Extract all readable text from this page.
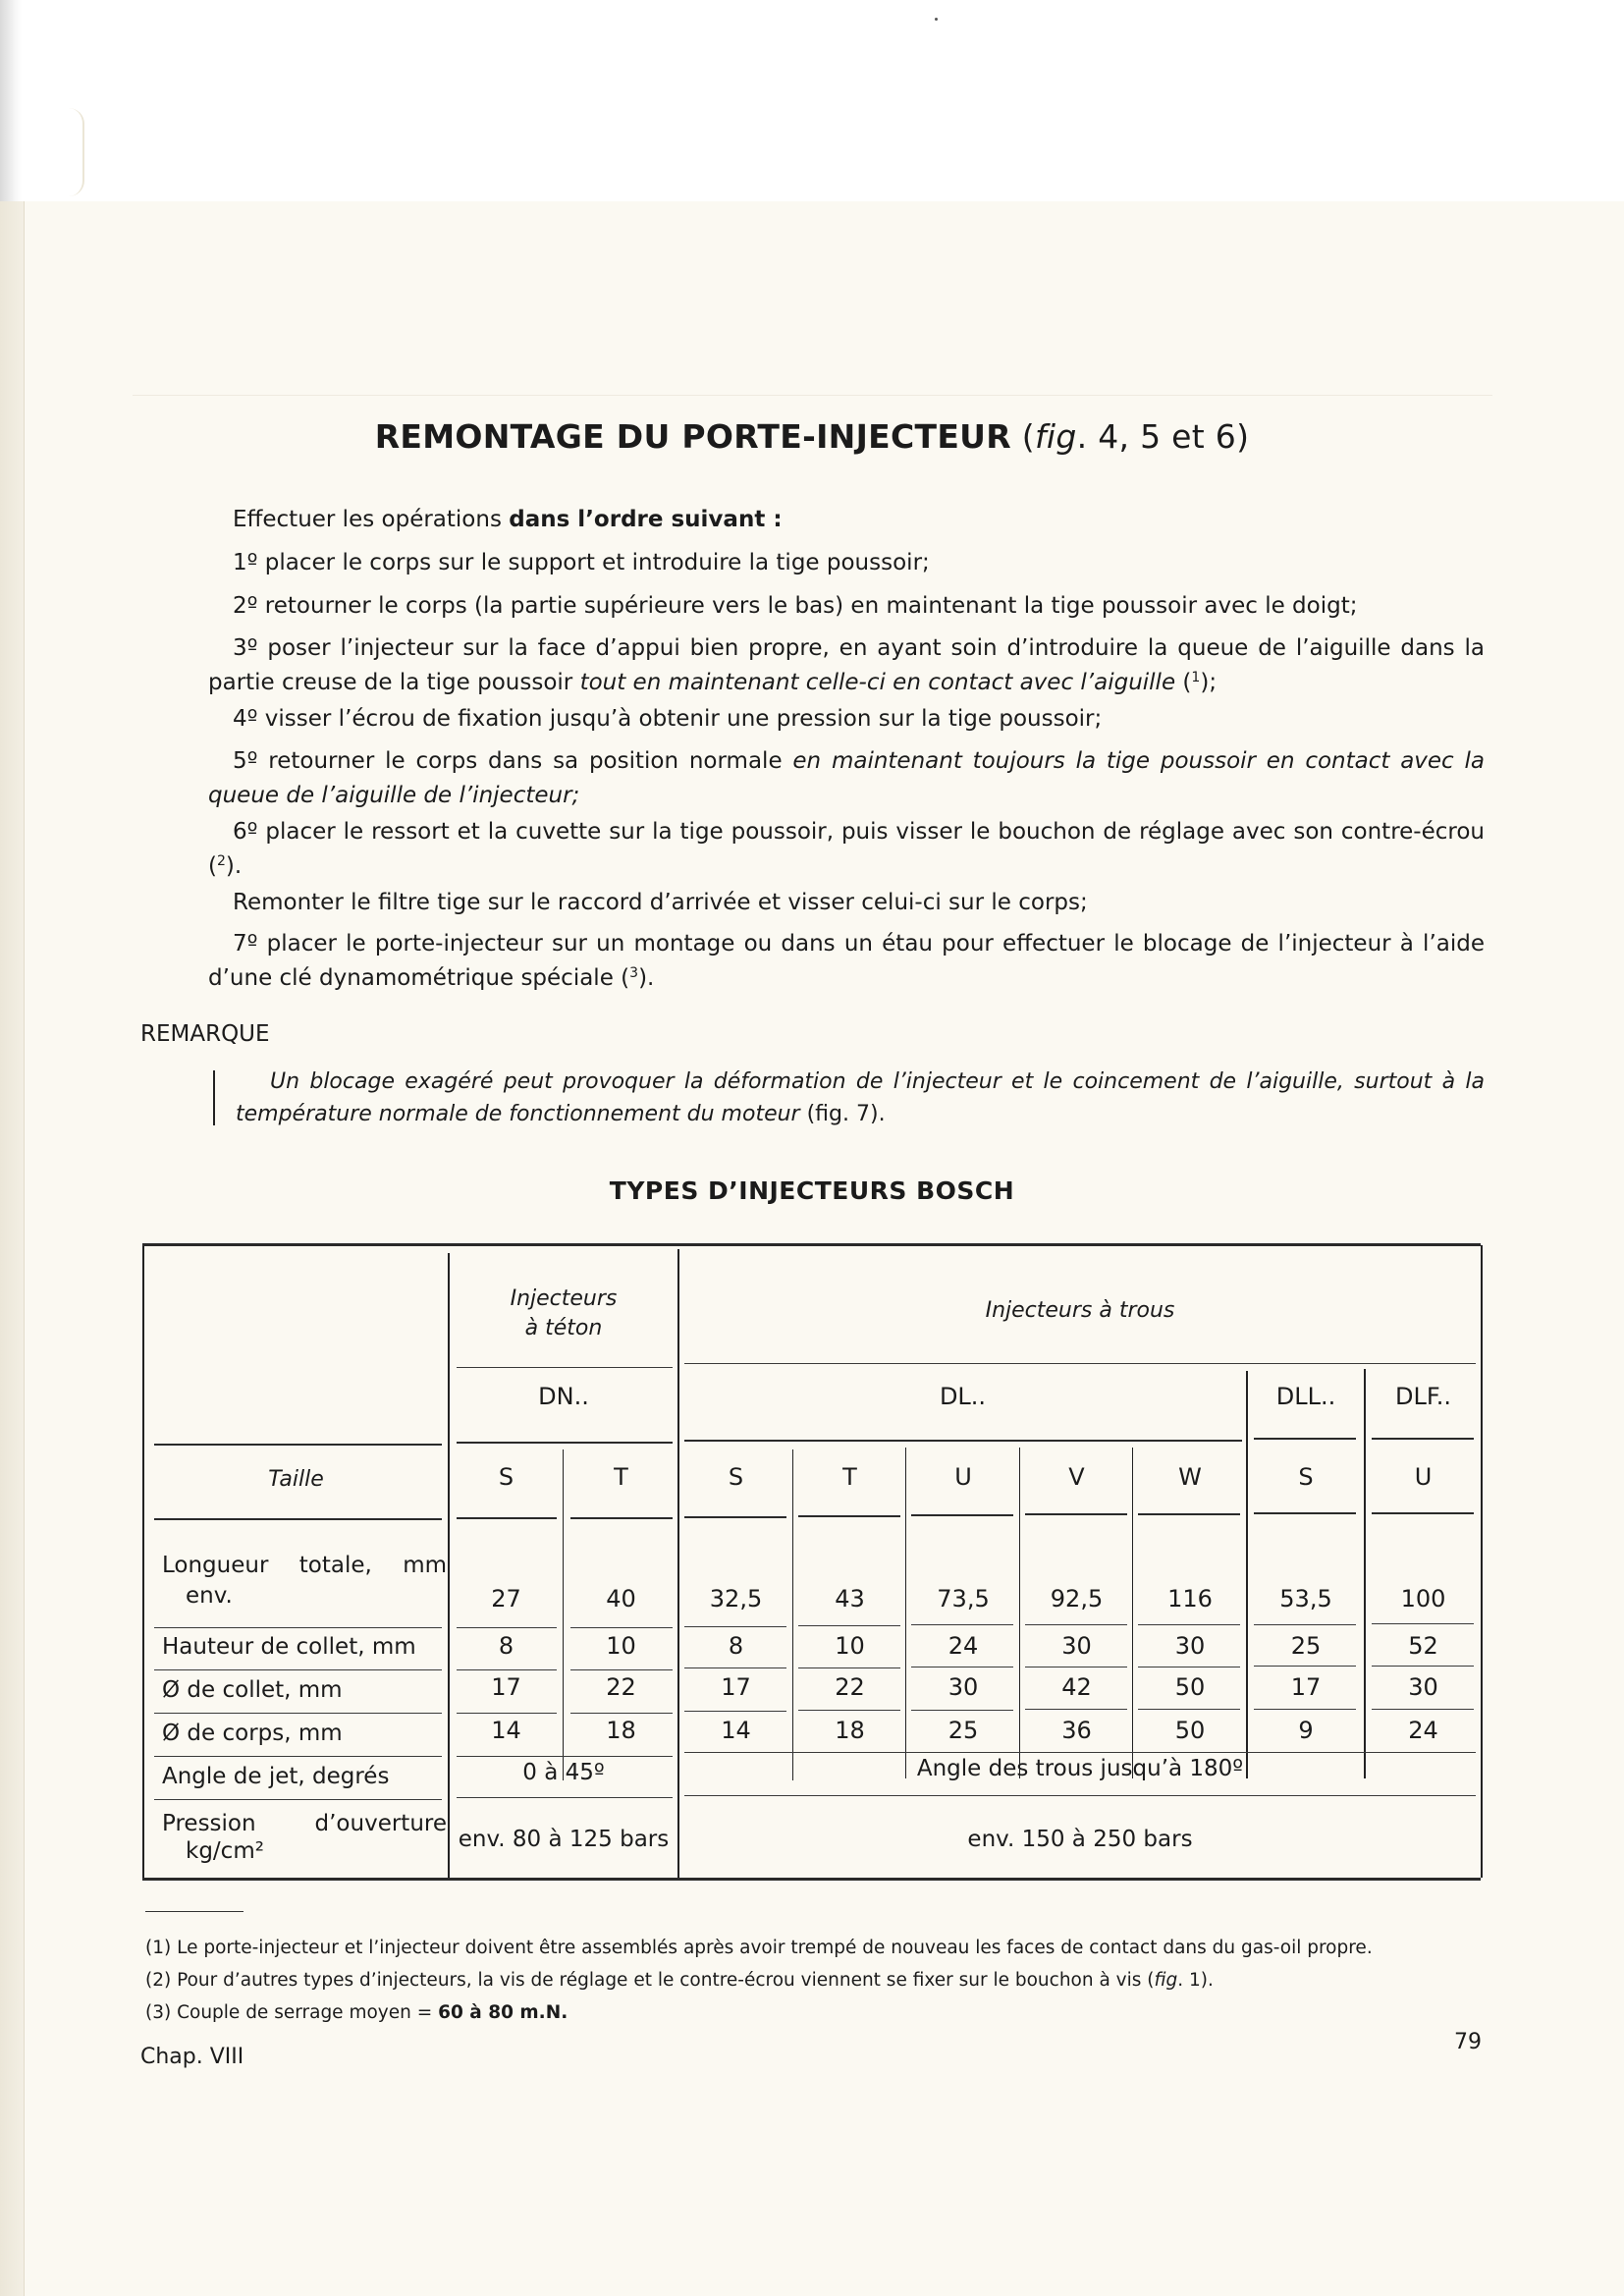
REMONTAGE DU PORTE-INJECTEUR (fig. 4, 5 et 6)
Effectuer les opérations dans l’ordre suivant :
1º placer le corps sur le support et introduire la tige poussoir;
2º retourner le corps (la partie supérieure vers le bas) en maintenant la tige poussoir avec le doigt;
3º poser l’injecteur sur la face d’appui bien propre, en ayant soin d’introduire la queue de l’aiguille dans la partie creuse de la tige poussoir tout en maintenant celle-ci en contact avec l’aiguille ($^1$);
4º visser l’écrou de fixation jusqu’à obtenir une pression sur la tige poussoir;
5º retourner le corps dans sa position normale en maintenant toujours la tige poussoir en contact avec la queue de l’aiguille de l’injecteur;
6º placer le ressort et la cuvette sur la tige poussoir, puis visser le bouchon de réglage avec son contre-écrou ($^2$).
Remonter le filtre tige sur le raccord d’arrivée et visser celui-ci sur le corps;
7º placer le porte-injecteur sur un montage ou dans un étau pour effectuer le blocage de l’injecteur à l’aide d’une clé dynamométrique spéciale ($^3$).
REMARQUE
Un blocage exagéré peut provoquer la déformation de l’injecteur et le coincement de l’aiguille, surtout à la température normale de fonctionnement du moteur (fig. 7).
TYPES D’INJECTEURS BOSCH
Injecteurs
à téton
Injecteurs à trous
DN..	DL..	DLL..	DLF..
Taille	S	T	S	T	U	V	W	S	U
Longueur totale, mm
env.	27	40	32,5	43	73,5	92,5	116	53,5	100
Hauteur de collet, mm	8	10	8	10	24	30	30	25	52
Ø de collet, mm	17	22	17	22	30	42	50	17	30
Ø de corps, mm	14	18	14	18	25	36	50	9	24
Angle de jet, degrés	0 à 45º	Angle des trous jusqu’à 180º
Pression d’ouverture
kg/cm²	env. 80 à 125 bars	env. 150 à 250 bars
(1) Le porte-injecteur et l’injecteur doivent être assemblés après avoir trempé de nouveau les faces de contact dans du gas-oil propre.
(2) Pour d’autres types d’injecteurs, la vis de réglage et le contre-écrou viennent se fixer sur le bouchon à vis (fig. 1).
(3) Couple de serrage moyen = 60 à 80 m.N.
Chap. VIII
79
